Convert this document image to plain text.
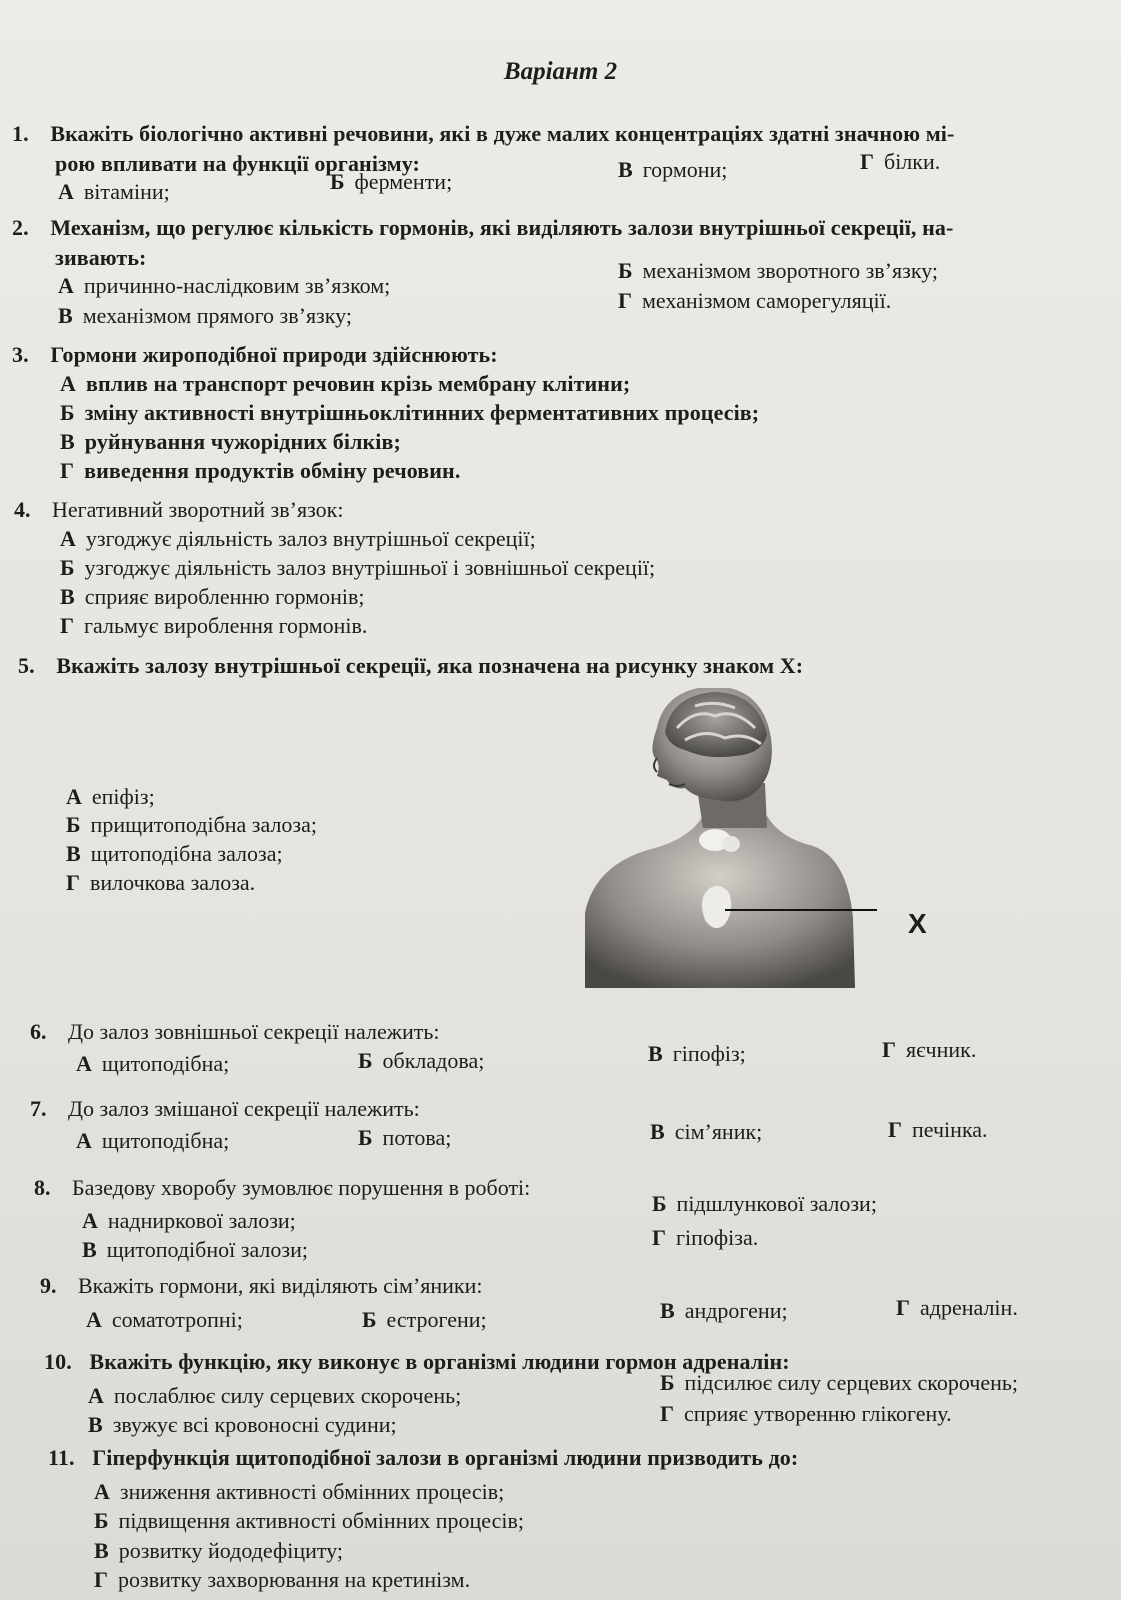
Варіант 2
1. Вкажіть біологічно активні речовини, які в дуже малих концентраціях здатні значною мі-
рою впливати на функції організму:
А вітаміни;	Б ферменти;	В гормони;	Г білки.
2. Механізм, що регулює кількість гормонів, які виділяють залози внутрішньої секреції, на-
зивають:
А причинно-наслідковим зв’язком;
Б механізмом зворотного зв’язку;
В механізмом прямого зв’язку;
Г механізмом саморегуляції.
3. Гормони жироподібної природи здійснюють:
А вплив на транспорт речовин крізь мембрану клітини;
Б зміну активності внутрішньоклітинних ферментативних процесів;
В руйнування чужорідних білків;
Г виведення продуктів обміну речовин.
4. Негативний зворотний зв’язок:
А узгоджує діяльність залоз внутрішньої секреції;
Б узгоджує діяльність залоз внутрішньої і зовнішньої секреції;
В сприяє виробленню гормонів;
Г гальмує вироблення гормонів.
5. Вкажіть залозу внутрішньої секреції, яка позначена на рисунку знаком Х:
А епіфіз;
Б прищитоподібна залоза;
В щитоподібна залоза;
Г вилочкова залоза.
X
6. До залоз зовнішньої секреції належить:
А щитоподібна;	Б обкладова;	В гіпофіз;	Г яєчник.
7. До залоз змішаної секреції належить:
А щитоподібна;	Б потова;	В сім’яник;	Г печінка.
8. Базедову хворобу зумовлює порушення в роботі:
А надниркової залози;
Б підшлункової залози;
В щитоподібної залози;	Г гіпофіза.
9. Вкажіть гормони, які виділяють сім’яники:
А соматотропні;	Б естрогени;	В андрогени;	Г адреналін.
10. Вкажіть функцію, яку виконує в організмі людини гормон адреналін:
А послаблює силу серцевих скорочень;
Б підсилює силу серцевих скорочень;
В звужує всі кровоносні судини;	Г сприяє утворенню глікогену.
11. Гіперфункція щитоподібної залози в організмі людини призводить до:
А зниження активності обмінних процесів;
Б підвищення активності обмінних процесів;
В розвитку йододефіциту;
Г розвитку захворювання на кретинізм.
